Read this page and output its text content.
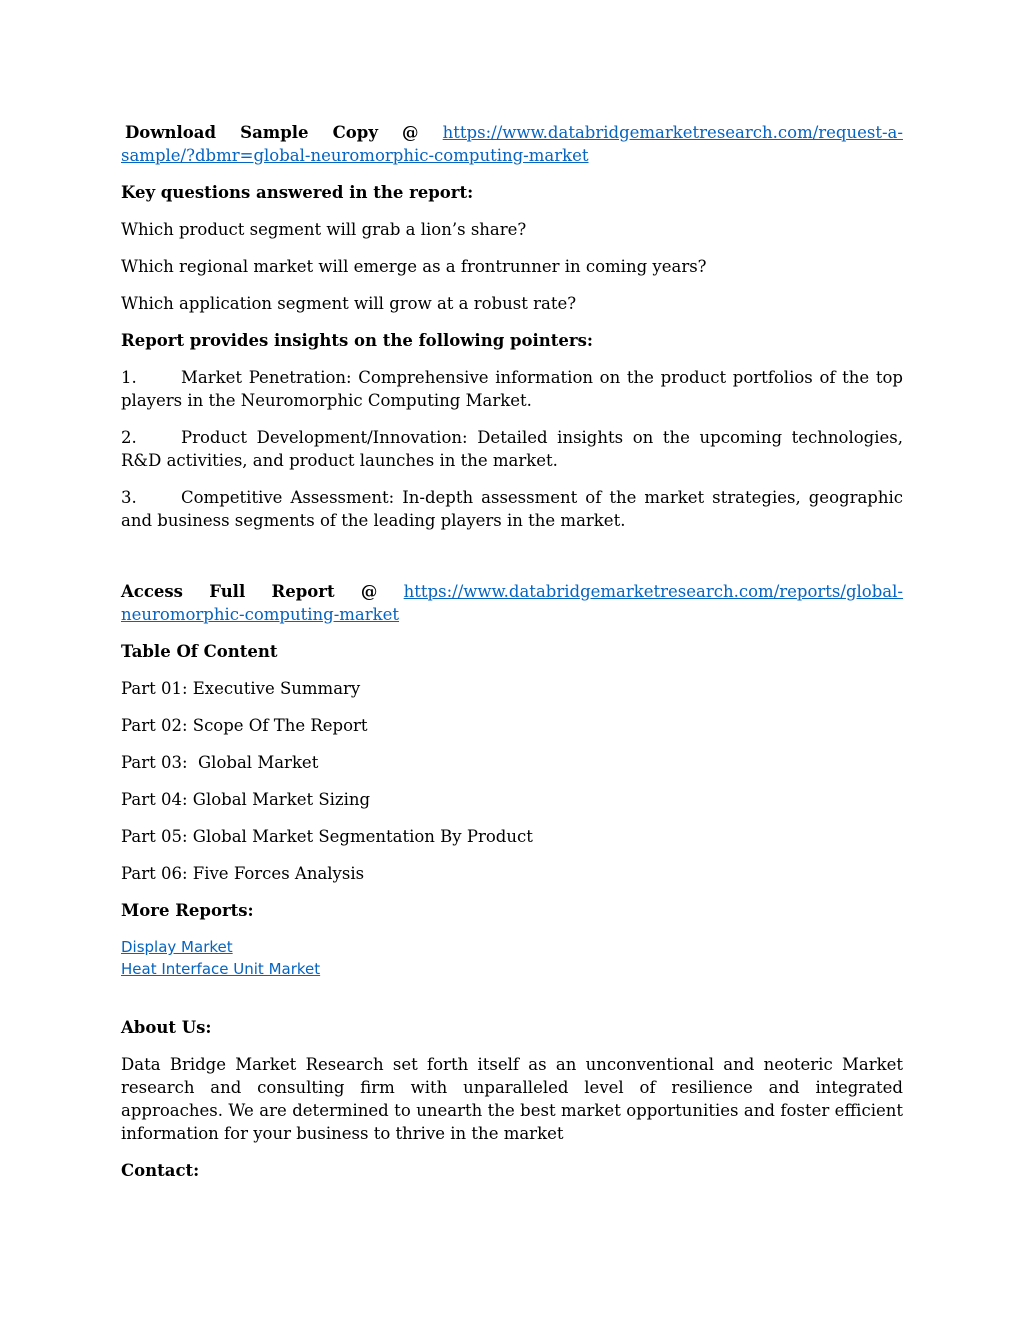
Download Sample Copy @ https://www.databridgemarketresearch.com/request-a-
sample/?dbmr=global-neuromorphic-computing-market

Key questions answered in the report:

Which product segment will grab a lion’s share?

Which regional market will emerge as a frontrunner in coming years?

Which application segment will grow at a robust rate?

Report provides insights on the following pointers:

1.	Market Penetration: Comprehensive information on the product portfolios of the top players in the Neuromorphic Computing Market.
2.	Product Development/Innovation: Detailed insights on the upcoming technologies, R&D activities, and product launches in the market.
3.	Competitive Assessment: In-depth assessment of the market strategies, geographic and business segments of the leading players in the market.
Access Full Report @ https://www.databridgemarketresearch.com/reports/global-
neuromorphic-computing-market

Table Of Content

Part 01: Executive Summary

Part 02: Scope Of The Report

Part 03:  Global Market

Part 04: Global Market Sizing

Part 05: Global Market Segmentation By Product

Part 06: Five Forces Analysis

More Reports:

Display Market
Heat Interface Unit Market

About Us:

Data Bridge Market Research set forth itself as an unconventional and neoteric Market research and consulting firm with unparalleled level of resilience and integrated approaches. We are determined to unearth the best market opportunities and foster efficient information for your business to thrive in the market

Contact:
